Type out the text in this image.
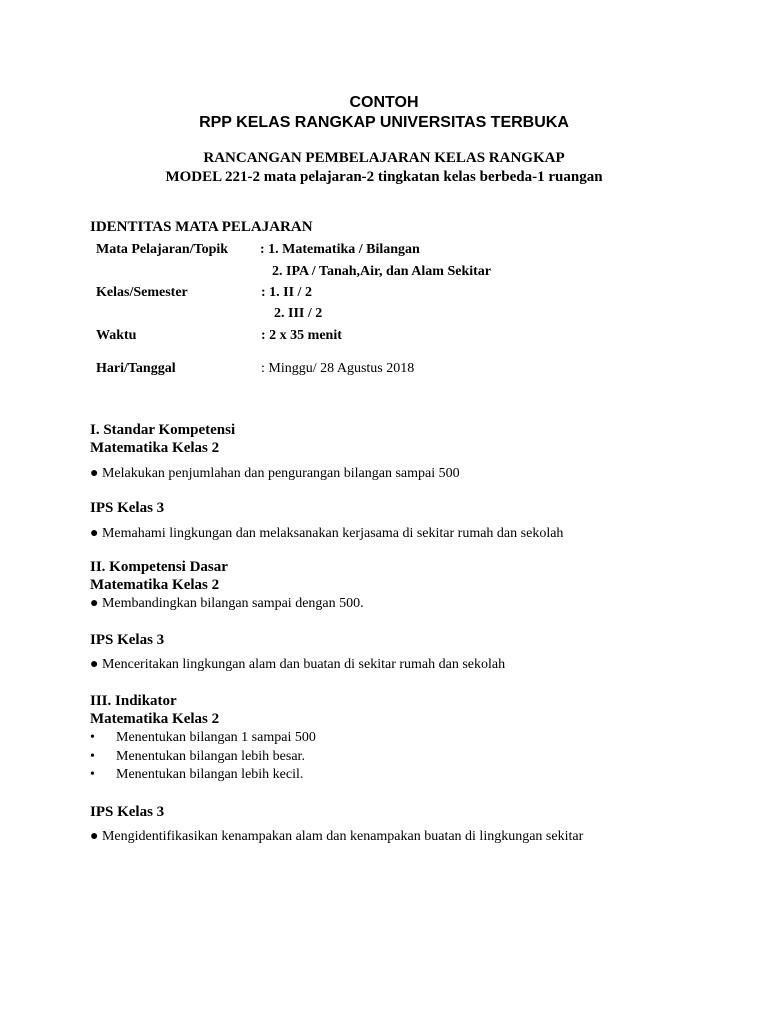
CONTOH
RPP KELAS RANGKAP UNIVERSITAS TERBUKA
RANCANGAN PEMBELAJARAN KELAS RANGKAP
MODEL 221-2 mata pelajaran-2 tingkatan kelas berbeda-1 ruangan
IDENTITAS MATA PELAJARAN
Mata Pelajaran/Topik : 1. Matematika / Bilangan
2. IPA / Tanah,Air, dan Alam Sekitar
Kelas/Semester	: 1. II / 2
2. III / 2
Waktu	: 2 x 35 menit
Hari/Tanggal	: Minggu/ 28 Agustus 2018
I. Standar Kompetensi
Matematika Kelas 2
● Melakukan penjumlahan dan pengurangan bilangan sampai 500
IPS Kelas 3
● Memahami lingkungan dan melaksanakan kerjasama di sekitar rumah dan sekolah
II. Kompetensi Dasar
Matematika Kelas 2
● Membandingkan bilangan sampai dengan 500.
IPS Kelas 3
● Menceritakan lingkungan alam dan buatan di sekitar rumah dan sekolah
III. Indikator
Matematika Kelas 2
• Menentukan bilangan 1 sampai 500
• Menentukan bilangan lebih besar.
• Menentukan bilangan lebih kecil.
IPS Kelas 3
● Mengidentifikasikan kenampakan alam dan kenampakan buatan di lingkungan sekitar
